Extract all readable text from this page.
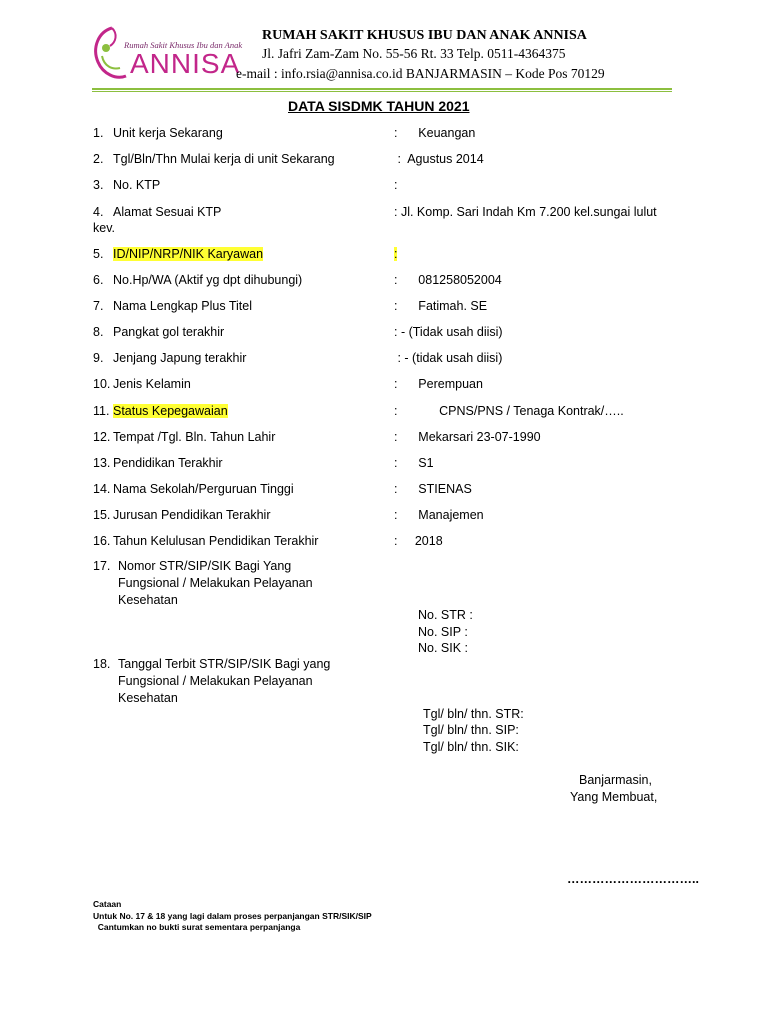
Rumah Sakit Khusus Ibu dan Anak
ANNISA
RUMAH SAKIT KHUSUS IBU DAN ANAK ANNISA
Jl. Jafri Zam-Zam No. 55-56 Rt. 33 Telp. 0511-4364375
e-mail : info.rsia@annisa.co.id BANJARMASIN – Kode Pos 70129
DATA SISDMK TAHUN 2021
1. Unit kerja Sekarang	:      Keuangan
2. Tgl/Bln/Thn Mulai kerja di unit Sekarang	:  Agustus 2014
3. No. KTP	:
4. Alamat Sesuai KTP	: Jl. Komp. Sari Indah Km 7.200 kel.sungai lulut
kev.
5. ID/NIP/NRP/NIK Karyawan	:
6. No.Hp/WA (Aktif yg dpt dihubungi)	:      081258052004
7. Nama Lengkap Plus Titel	:      Fatimah. SE
8. Pangkat gol terakhir	: - (Tidak usah diisi)
9. Jenjang Japung terakhir	: - (tidak usah diisi)
10. Jenis Kelamin	:      Perempuan
11. Status Kepegawaian	:            CPNS/PNS / Tenaga Kontrak/…..
12. Tempat /Tgl. Bln. Tahun Lahir	:      Mekarsari 23-07-1990
13. Pendidikan Terakhir	:      S1
14. Nama Sekolah/Perguruan Tinggi	:      STIENAS
15. Jurusan Pendidikan Terakhir	:      Manajemen
16. Tahun Kelulusan Pendidikan Terakhir	:     2018
17. Nomor STR/SIP/SIK Bagi Yang
Fungsional / Melakukan Pelayanan
Kesehatan
No. STR :
No. SIP :
No. SIK :
18. Tanggal Terbit STR/SIP/SIK Bagi yang
Fungsional / Melakukan Pelayanan
Kesehatan
Tgl/ bln/ thn. STR:
Tgl/ bln/ thn. SIP:
Tgl/ bln/ thn. SIK:
Banjarmasin,
Yang Membuat,
…………………………..
Cataan
Untuk No. 17 & 18 yang lagi dalam proses perpanjangan STR/SIK/SIP
Cantumkan no bukti surat sementara perpanjanga
